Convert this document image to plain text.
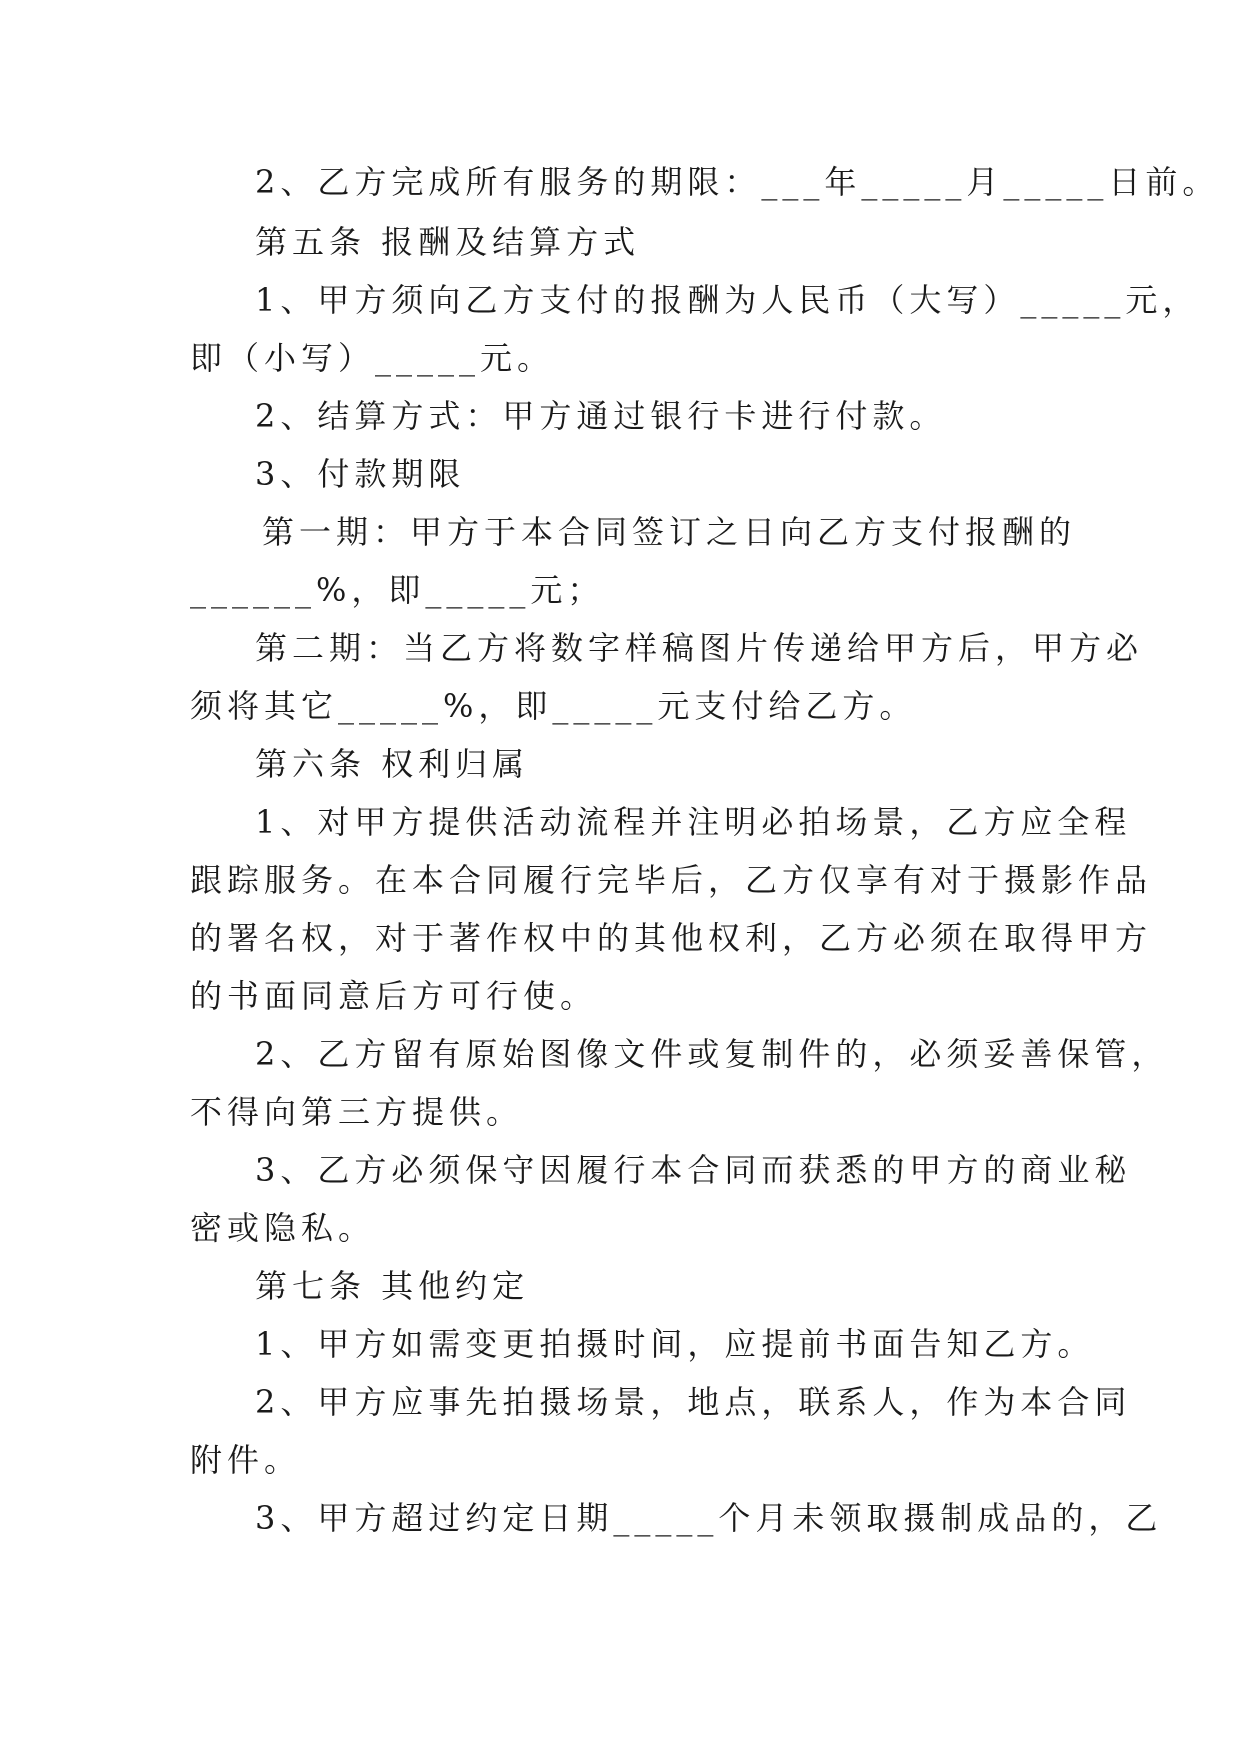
2、乙方完成所有服务的期限：___年_____月_____日前。
第五条 报酬及结算方式
1、甲方须向乙方支付的报酬为人民币（大写）_____元，
即（小写）_____元。
2、结算方式：甲方通过银行卡进行付款。
3、付款期限
第一期：甲方于本合同签订之日向乙方支付报酬的
______%，即_____元；
第二期：当乙方将数字样稿图片传递给甲方后，甲方必
须将其它_____%，即_____元支付给乙方。
第六条 权利归属
1、对甲方提供活动流程并注明必拍场景，乙方应全程
跟踪服务。在本合同履行完毕后，乙方仅享有对于摄影作品
的署名权，对于著作权中的其他权利，乙方必须在取得甲方
的书面同意后方可行使。
2、乙方留有原始图像文件或复制件的，必须妥善保管，
不得向第三方提供。
3、乙方必须保守因履行本合同而获悉的甲方的商业秘
密或隐私。
第七条 其他约定
1、甲方如需变更拍摄时间，应提前书面告知乙方。
2、甲方应事先拍摄场景，地点，联系人，作为本合同
附件。
3、甲方超过约定日期_____个月未领取摄制成品的，乙
